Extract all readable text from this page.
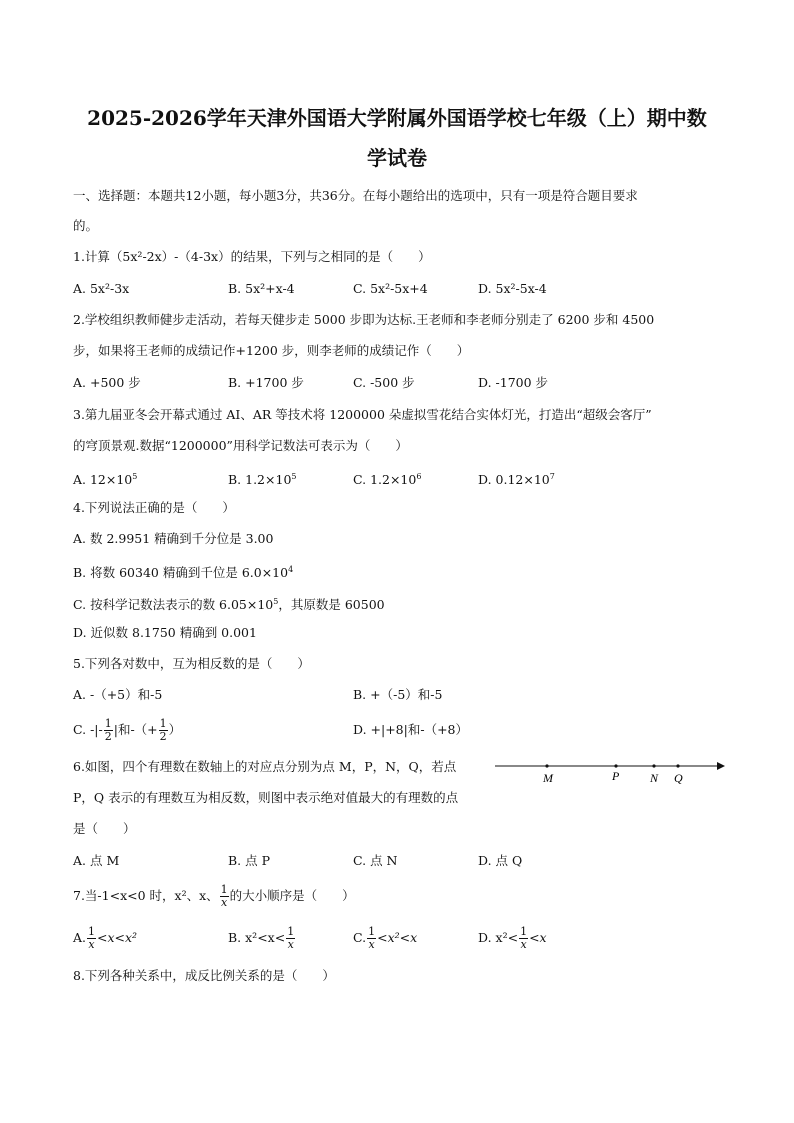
2025-2026学年天津外国语大学附属外国语学校七年级（上）期中数
学试卷
一、选择题：本题共12小题，每小题3分，共36分。在每小题给出的选项中，只有一项是符合题目要求
的。
1.计算（5x²-2x）-（4-3x）的结果，下列与之相同的是（　　）
A. 5x²-3x	B. 5x²+x-4	C. 5x²-5x+4	D. 5x²-5x-4
2.学校组织教师健步走活动，若每天健步走 5000 步即为达标.王老师和李老师分别走了 6200 步和 4500
步，如果将王老师的成绩记作+1200 步，则李老师的成绩记作（　　）
A. +500 步	B. +1700 步	C. -500 步	D. -1700 步
3.第九届亚冬会开幕式通过 AI、AR 等技术将 1200000 朵虚拟雪花结合实体灯光，打造出“超级会客厅”
的穹顶景观.数据“1200000”用科学记数法可表示为（　　）
A. $12\times 10^5$	B. $1.2\times 10^5$	C. $1.2\times 10^6$	D. $0.12\times 10^7$
4.下列说法正确的是（　　）
A. 数 2.9951 精确到千分位是 3.00
B. 将数 60340 精确到千位是 $6.0\times 10^4$
C. 按科学记数法表示的数 $6.05\times 10^5$，其原数是 60500
D. 近似数 8.1750 精确到 0.001
5.下列各对数中，互为相反数的是（　　）
A. -（+5）和-5	B. +（-5）和-5
C. -|- $\frac{1}{2}$ |和-（+ $\frac{1}{2}$ ）	D. +|+8|和-（+8）
6.如图，四个有理数在数轴上的对应点分别为点 M，P，N，Q，若点
P，Q 表示的有理数互为相反数，则图中表示绝对值最大的有理数的点
是（　　）
M	P	N Q
A. 点 M	B. 点 P	C. 点 N	D. 点 Q
7.当-1<x<0 时，x²、x、 $\frac{1}{x}$ 的大小顺序是（　　）
A. $\frac{1}{x} <x<x^2$	B. $x^2<x< \frac{1}{x}$	C. $\frac{1}{x} <x^2<x$	D. $x^2< \frac{1}{x} <x$
8.下列各种关系中，成反比例关系的是（　　）
